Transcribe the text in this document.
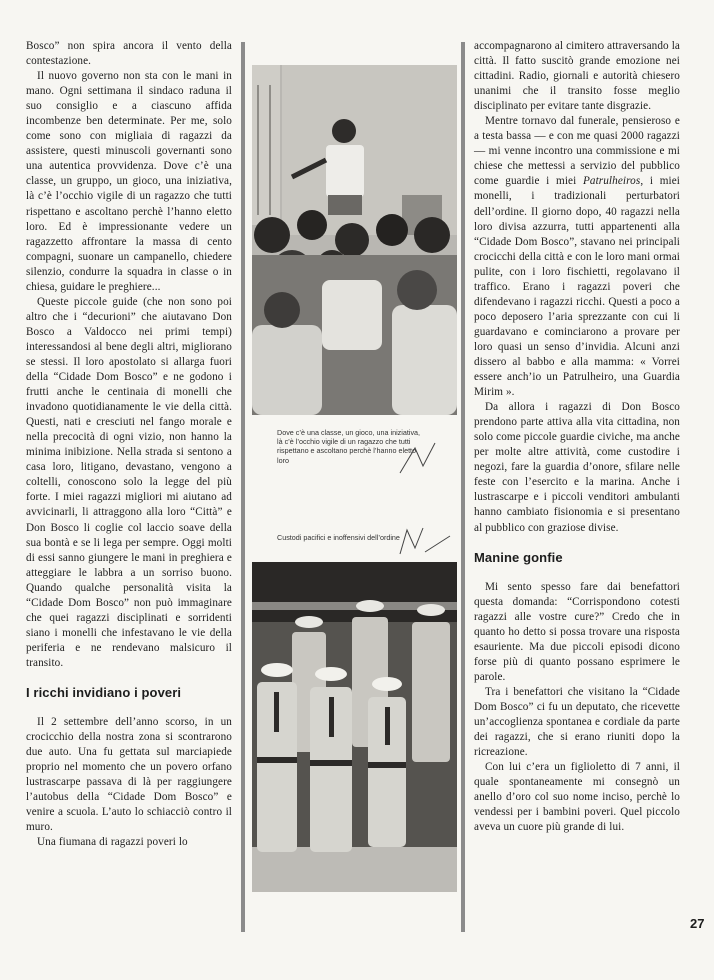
Bosco” non spira ancora il vento della contestazione.

Il nuovo governo non sta con le mani in mano. Ogni settimana il sindaco raduna il suo consiglio e a ciascuno affida incombenze ben determinate. Per me, solo come sono con migliaia di ragazzi da assistere, questi minuscoli governanti sono una autentica provvidenza. Dove c’è una classe, un gruppo, un gioco, una iniziativa, là c’è l’occhio vigile di un ragazzo che tutti rispettano e ascoltano perchè l’hanno eletto loro. Ed è impressionante vedere un ragazzetto affrontare la massa di cento compagni, suonare un campanello, chiedere silenzio, condurre la squadra in classe o in chiesa, guidare le preghiere...

Queste piccole guide (che non sono poi altro che i “decurioni” che aiutavano Don Bosco a Valdocco nei primi tempi) interessandosi al bene degli altri, migliorano se stessi. Il loro apostolato si allarga fuori della “Cidade Dom Bosco” e ne godono i frutti anche le centinaia di monelli che invadono quotidianamente le vie della città. Questi, nati e cresciuti nel fango morale e nella precocità di ogni vizio, non hanno la minima inibizione. Nella strada si sentono a casa loro, litigano, devastano, vengono a coltelli, conoscono solo la legge del più forte. I miei ragazzi migliori mi aiutano ad avvicinarli, li attraggono alla loro “Città” e Don Bosco li coglie col laccio soave della sua bontà e se li lega per sempre. Oggi molti di essi sanno giungere le mani in preghiera e atteggiare le labbra a un sorriso buono. Quando qualche personalità visita la “Cidade Dom Bosco” non può immaginare che quei ragazzi disciplinati e sorridenti siano i monelli che infestavano le vie della periferia e ne rendevano malsicuro il transito.

I ricchi invidiano i poveri

Il 2 settembre dell’anno scorso, in un crocicchio della nostra zona si scontrarono due auto. Una fu gettata sul marciapiede proprio nel momento che un povero orfano lustrascarpe passava di là per raggiungere l’autobus della “Cidade Dom Bosco” e venire a scuola. L’auto lo schiacciò contro il muro.

Una fiumana di ragazzi poveri lo

Dove c’è una classe, un gioco, una iniziativa, là c’è l’occhio vigile di un ragazzo che tutti rispettano e ascoltano perchè l’hanno eletto loro
Custodi pacifici e inoffensivi dell’ordine

accompagnarono al cimitero attraversando la città. Il fatto suscitò grande emozione nei cittadini. Radio, giornali e autorità chiesero unanimi che il transito fosse meglio disciplinato per evitare tante disgrazie.

Mentre tornavo dal funerale, pensieroso e a testa bassa — e con me quasi 2000 ragazzi — mi venne incontro una commissione e mi chiese che mettessi a servizio del pubblico come guardie i miei Patrulheiros, i miei monelli, i tradizionali perturbatori dell’ordine. Il giorno dopo, 40 ragazzi nella loro divisa azzurra, tutti appartenenti alla “Cidade Dom Bosco”, stavano nei principali crocicchi della città e con le loro mani ormai pulite, con i loro fischietti, regolavano il traffico. Erano i ragazzi poveri che difendevano i ragazzi ricchi. Questi a poco a poco deposero l’aria sprezzante con cui li guardavano e cominciarono a provare per loro quasi un senso d’invidia. Alcuni anzi dissero al babbo e alla mamma: « Vorrei essere anch’io un Patrulheiro, una Guardia Mirim ».

Da allora i ragazzi di Don Bosco prendono parte attiva alla vita cittadina, non solo come piccole guardie civiche, ma anche per molte altre attività, come custodire i negozi, fare la guardia d’onore, sfilare nelle feste con l’esercito e la marina. Anche i lustrascarpe e i piccoli venditori ambulanti hanno cambiato fisionomia e si presentano al pubblico con graziose divise.

Manine gonfie

Mi sento spesso fare dai benefattori questa domanda: “Corrispondono cotesti ragazzi alle vostre cure?” Credo che in quanto ho detto si possa trovare una risposta esauriente. Ma due piccoli episodi dicono forse più di quanto possano esprimere le parole.

Tra i benefattori che visitano la “Cidade Dom Bosco” ci fu un deputato, che ricevette un’accoglienza spontanea e cordiale da parte dei ragazzi, che si erano riuniti dopo la ricreazione.

Con lui c’era un figlioletto di 7 anni, il quale spontaneamente mi consegnò un anello d’oro col suo nome inciso, perchè lo vendessi per i bambini poveri. Quel piccolo aveva un cuore più grande di lui.

27
